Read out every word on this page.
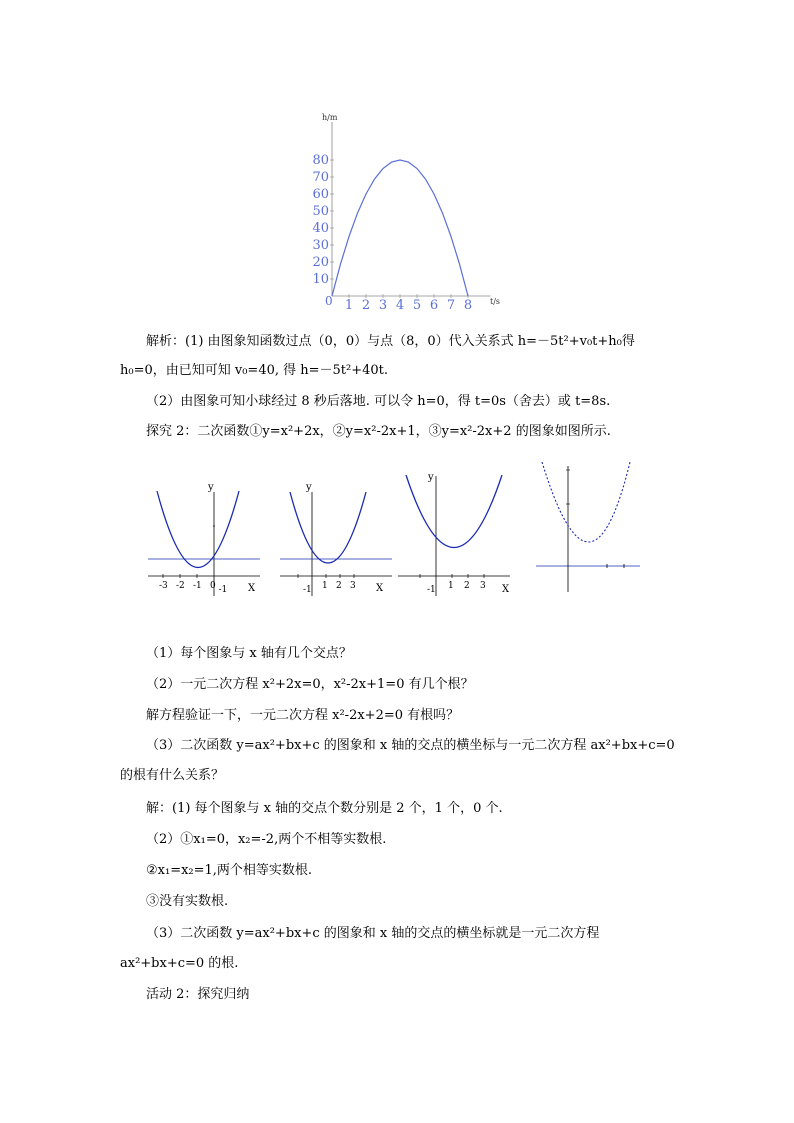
10
20
30
40
50
60
70
80
1 2 3 4 5 6 7 8
h/m
t/s
0
y
X
-3 -2 -1 0 -1
y
X
-1 1 2 3
y
X
-1 1 2 3
解析：(1) 由图象知函数过点（0，0）与点（8，0）代入关系式 h=－5t²+v₀t+h₀得
h₀=0，由已知可知 v₀=40, 得 h=－5t²+40t.
（2）由图象可知小球经过 8 秒后落地. 可以令 h=0，得 t=0s（舍去）或 t=8s.
探究 2：二次函数①y=x²+2x，②y=x²-2x+1，③y=x²-2x+2 的图象如图所示.
（1）每个图象与 x 轴有几个交点？
（2）一元二次方程 x²+2x=0，x²-2x+1=0 有几个根？
解方程验证一下，一元二次方程 x²-2x+2=0 有根吗？
（3）二次函数 y=ax²+bx+c 的图象和 x 轴的交点的横坐标与一元二次方程 ax²+bx+c=0
的根有什么关系？
解：(1) 每个图象与 x 轴的交点个数分别是 2 个，1 个，0 个.
（2）①x₁=0，x₂=-2,两个不相等实数根.
②x₁=x₂=1,两个相等实数根.
③没有实数根.
（3）二次函数 y=ax²+bx+c 的图象和 x 轴的交点的横坐标就是一元二次方程
ax²+bx+c=0 的根.
活动 2：探究归纳
